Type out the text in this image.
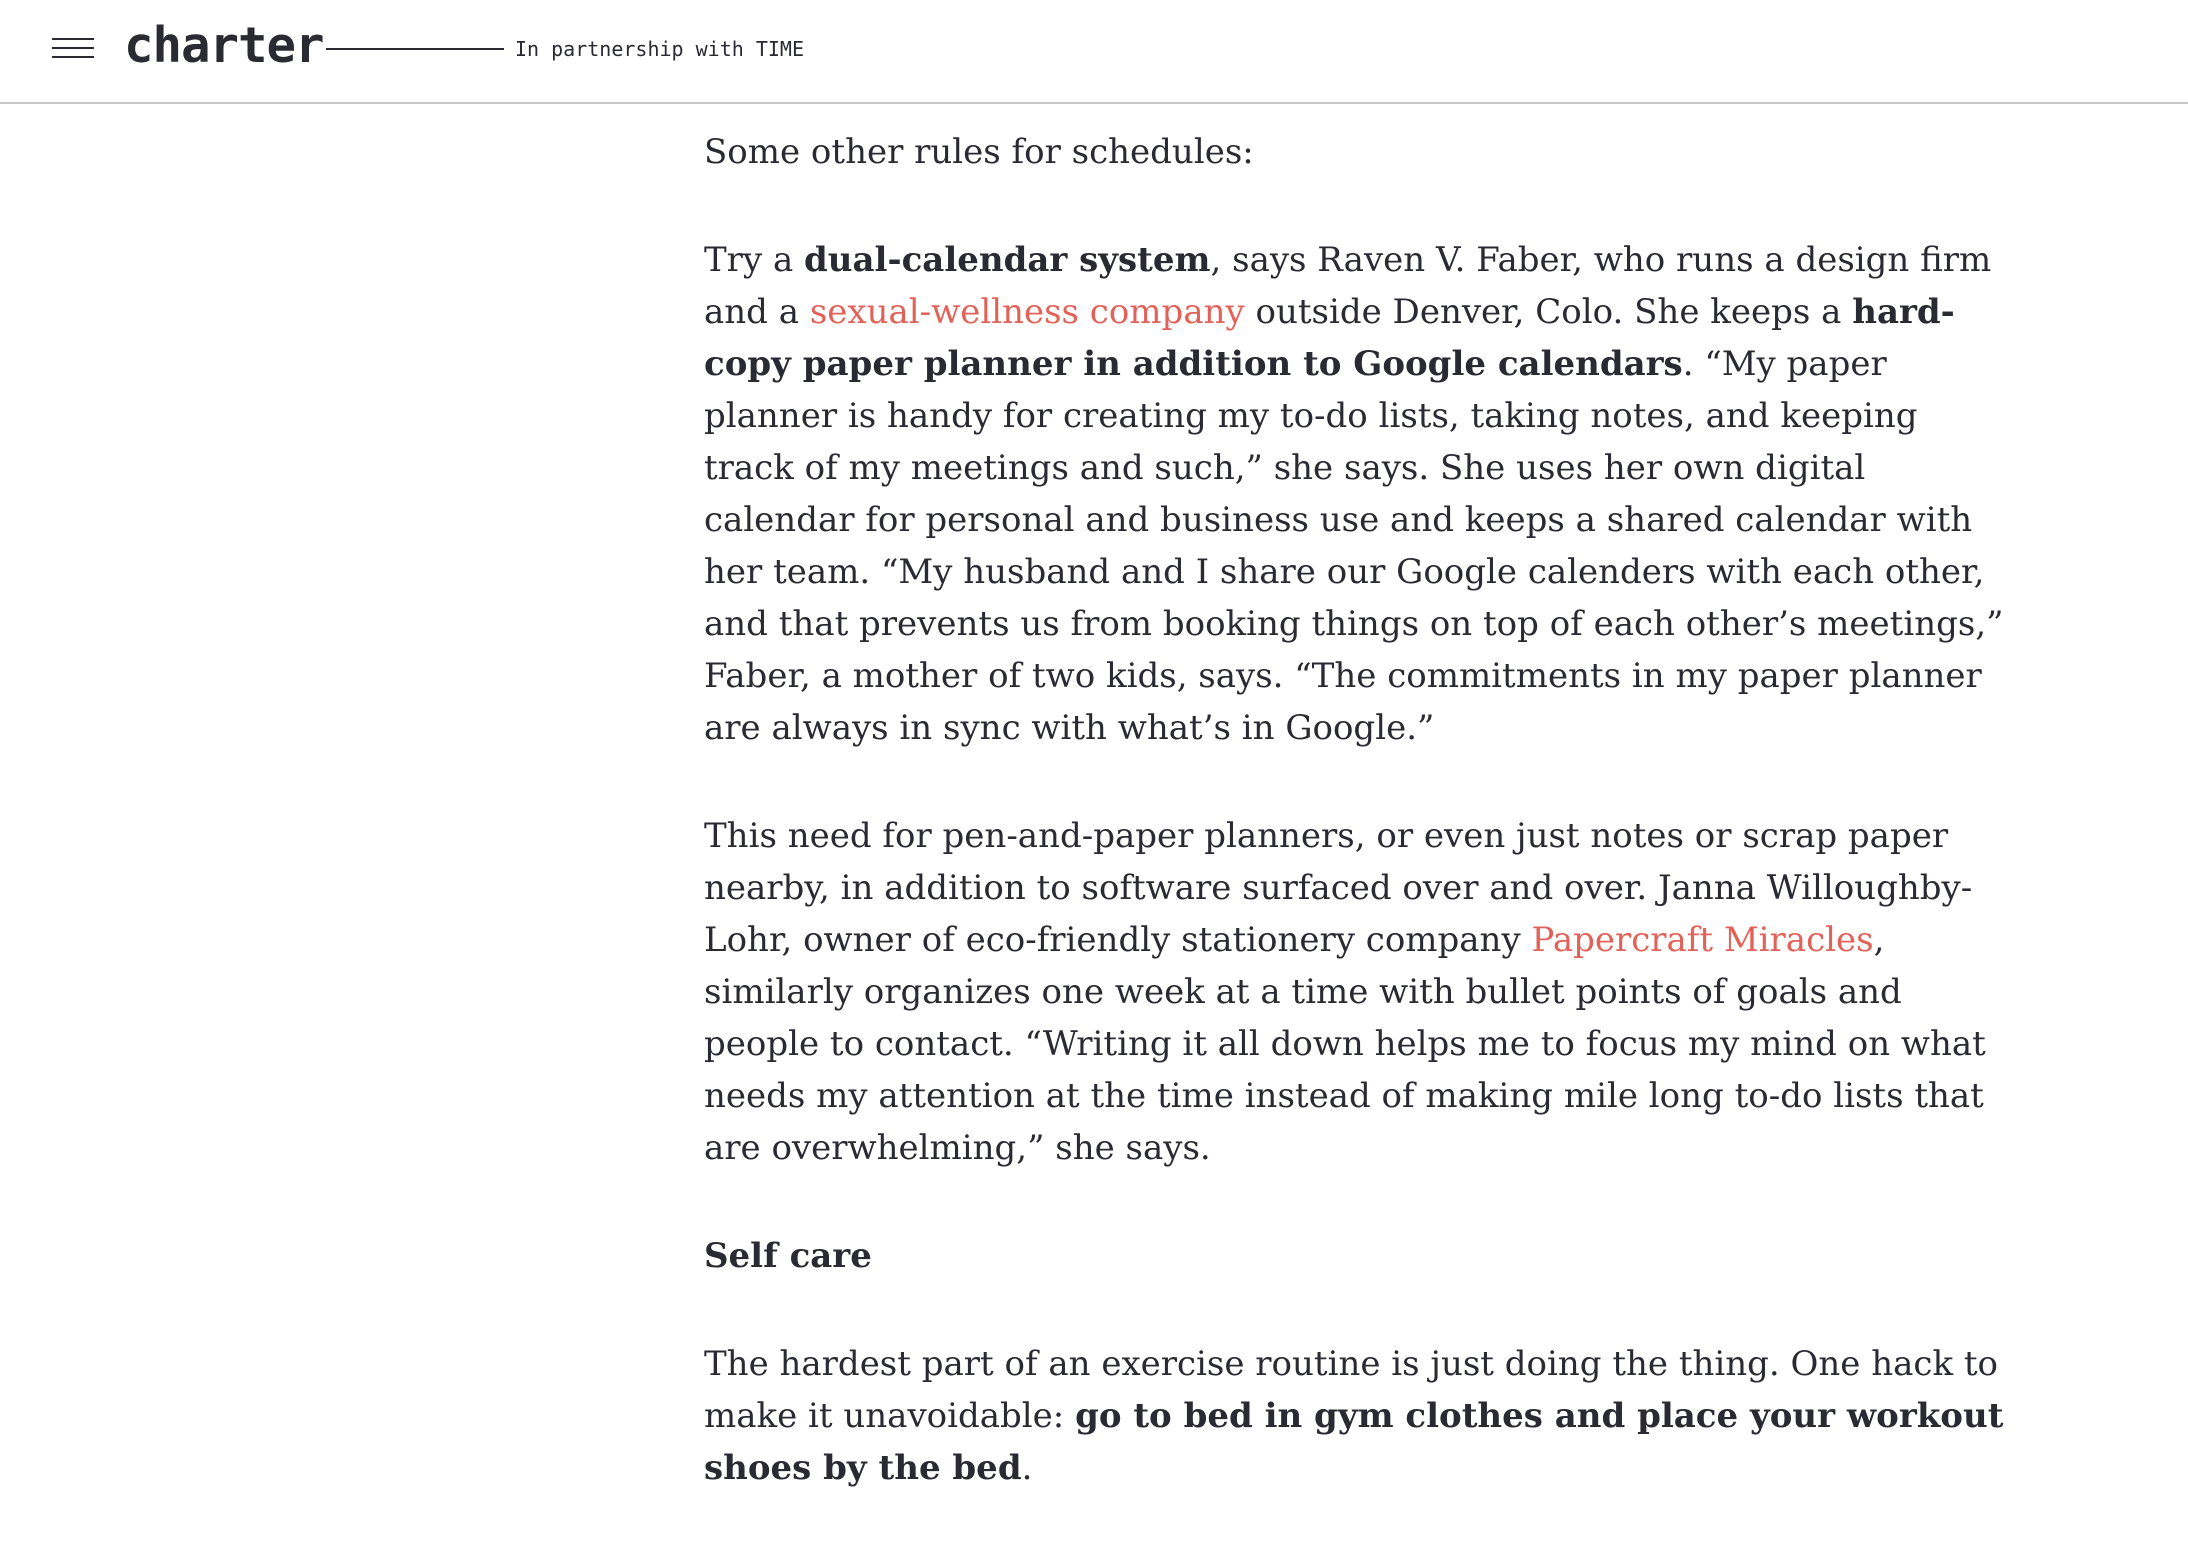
charter	In partnership with TIME

Some other rules for schedules:

Try a dual-calendar system, says Raven V. Faber, who runs a design firm and a sexual-wellness company outside Denver, Colo. She keeps a hard-copy paper planner in addition to Google calendars. “My paper planner is handy for creating my to-do lists, taking notes, and keeping track of my meetings and such,” she says. She uses her own digital calendar for personal and business use and keeps a shared calendar with her team. “My husband and I share our Google calenders with each other, and that prevents us from booking things on top of each other’s meetings,” Faber, a mother of two kids, says. “The commitments in my paper planner are always in sync with what’s in Google.”

This need for pen-and-paper planners, or even just notes or scrap paper nearby, in addition to software surfaced over and over. Janna Willoughby-Lohr, owner of eco-friendly stationery company Papercraft Miracles, similarly organizes one week at a time with bullet points of goals and people to contact. “Writing it all down helps me to focus my mind on what needs my attention at the time instead of making mile long to-do lists that are overwhelming,” she says.

Self care

The hardest part of an exercise routine is just doing the thing. One hack to make it unavoidable: go to bed in gym clothes and place your workout shoes by the bed.
